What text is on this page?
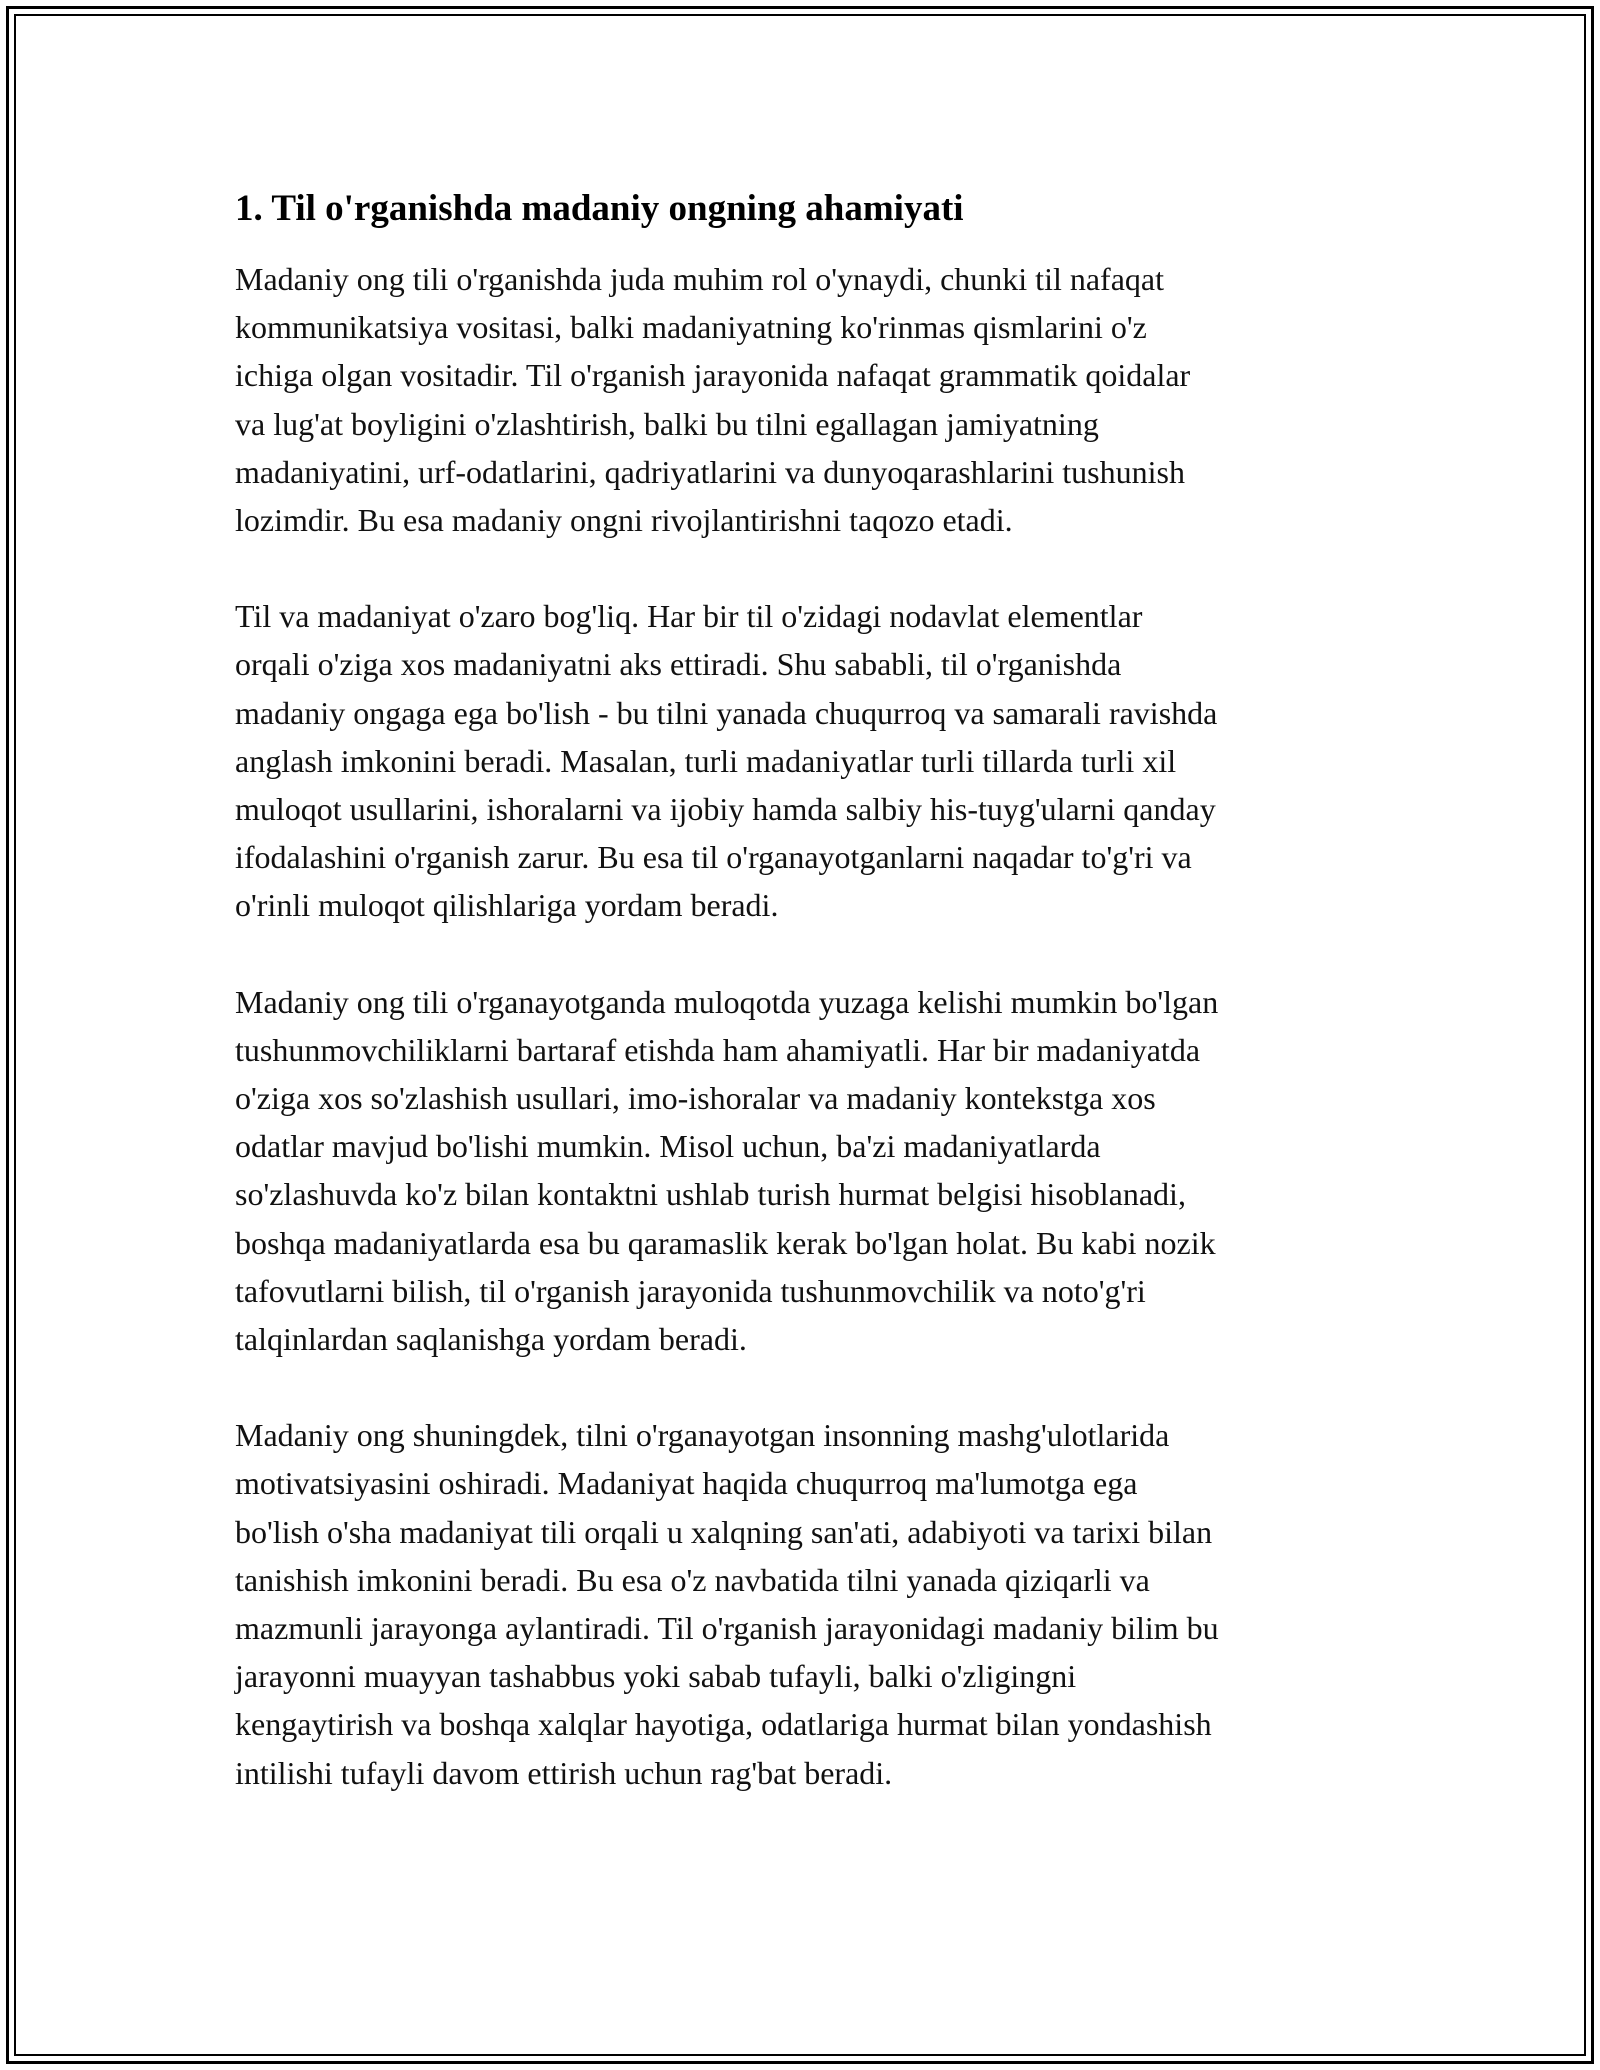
1. Til o'rganishda madaniy ongning ahamiyati

Madaniy ong tili o'rganishda juda muhim rol o'ynaydi, chunki til nafaqat
kommunikatsiya vositasi, balki madaniyatning ko'rinmas qismlarini o'z
ichiga olgan vositadir. Til o'rganish jarayonida nafaqat grammatik qoidalar
va lug'at boyligini o'zlashtirish, balki bu tilni egallagan jamiyatning
madaniyatini, urf-odatlarini, qadriyatlarini va dunyoqarashlarini tushunish
lozimdir. Bu esa madaniy ongni rivojlantirishni taqozo etadi.

Til va madaniyat o'zaro bog'liq. Har bir til o'zidagi nodavlat elementlar
orqali o'ziga xos madaniyatni aks ettiradi. Shu sababli, til o'rganishda
madaniy ongaga ega bo'lish - bu tilni yanada chuqurroq va samarali ravishda
anglash imkonini beradi. Masalan, turli madaniyatlar turli tillarda turli xil
muloqot usullarini, ishoralarni va ijobiy hamda salbiy his-tuyg'ularni qanday
ifodalashini o'rganish zarur. Bu esa til o'rganayotganlarni naqadar to'g'ri va
o'rinli muloqot qilishlariga yordam beradi.

Madaniy ong tili o'rganayotganda muloqotda yuzaga kelishi mumkin bo'lgan
tushunmovchiliklarni bartaraf etishda ham ahamiyatli. Har bir madaniyatda
o'ziga xos so'zlashish usullari, imo-ishoralar va madaniy kontekstga xos
odatlar mavjud bo'lishi mumkin. Misol uchun, ba'zi madaniyatlarda
so'zlashuvda ko'z bilan kontaktni ushlab turish hurmat belgisi hisoblanadi,
boshqa madaniyatlarda esa bu qaramaslik kerak bo'lgan holat. Bu kabi nozik
tafovutlarni bilish, til o'rganish jarayonida tushunmovchilik va noto'g'ri
talqinlardan saqlanishga yordam beradi.

Madaniy ong shuningdek, tilni o'rganayotgan insonning mashg'ulotlarida
motivatsiyasini oshiradi. Madaniyat haqida chuqurroq ma'lumotga ega
bo'lish o'sha madaniyat tili orqali u xalqning san'ati, adabiyoti va tarixi bilan
tanishish imkonini beradi. Bu esa o'z navbatida tilni yanada qiziqarli va
mazmunli jarayonga aylantiradi. Til o'rganish jarayonidagi madaniy bilim bu
jarayonni muayyan tashabbus yoki sabab tufayli, balki o'zligingni
kengaytirish va boshqa xalqlar hayotiga, odatlariga hurmat bilan yondashish
intilishi tufayli davom ettirish uchun rag'bat beradi.
